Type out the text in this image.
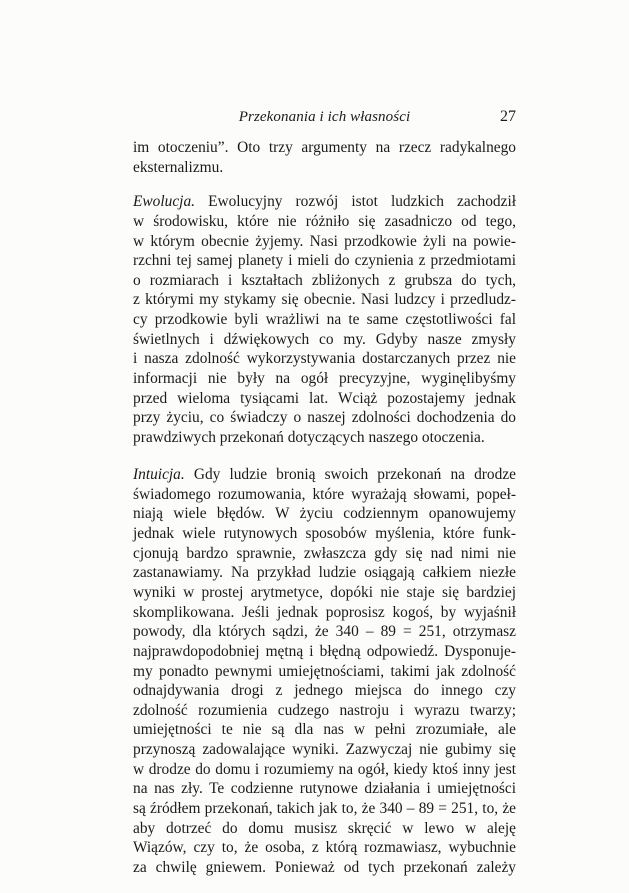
Przekonania i ich własności	27
im otoczeniu”. Oto trzy argumenty na rzecz radykalnego
eksternalizmu.
Ewolucja. Ewolucyjny rozwój istot ludzkich zachodził
w środowisku, które nie różniło się zasadniczo od tego,
w którym obecnie żyjemy. Nasi przodkowie żyli na powie-
rzchni tej samej planety i mieli do czynienia z przedmiotami
o rozmiarach i kształtach zbliżonych z grubsza do tych,
z którymi my stykamy się obecnie. Nasi ludzcy i przedludz-
cy przodkowie byli wrażliwi na te same częstotliwości fal
świetlnych i dźwiękowych co my. Gdyby nasze zmysły
i nasza zdolność wykorzystywania dostarczanych przez nie
informacji nie były na ogół precyzyjne, wyginęlibyśmy
przed wieloma tysiącami lat. Wciąż pozostajemy jednak
przy życiu, co świadczy o naszej zdolności dochodzenia do
prawdziwych przekonań dotyczących naszego otoczenia.
Intuicja. Gdy ludzie bronią swoich przekonań na drodze
świadomego rozumowania, które wyrażają słowami, popeł-
niają wiele błędów. W życiu codziennym opanowujemy
jednak wiele rutynowych sposobów myślenia, które funk-
cjonują bardzo sprawnie, zwłaszcza gdy się nad nimi nie
zastanawiamy. Na przykład ludzie osiągają całkiem niezłe
wyniki w prostej arytmetyce, dopóki nie staje się bardziej
skomplikowana. Jeśli jednak poprosisz kogoś, by wyjaśnił
powody, dla których sądzi, że 340 – 89 = 251, otrzymasz
najprawdopodobniej mętną i błędną odpowiedź. Dysponuje-
my ponadto pewnymi umiejętnościami, takimi jak zdolność
odnajdywania drogi z jednego miejsca do innego czy
zdolność rozumienia cudzego nastroju i wyrazu twarzy;
umiejętności te nie są dla nas w pełni zrozumiałe, ale
przynoszą zadowalające wyniki. Zazwyczaj nie gubimy się
w drodze do domu i rozumiemy na ogół, kiedy ktoś inny jest
na nas zły. Te codzienne rutynowe działania i umiejętności
są źródłem przekonań, takich jak to, że 340 – 89 = 251, to, że
aby dotrzeć do domu musisz skręcić w lewo w aleję
Wiązów, czy to, że osoba, z którą rozmawiasz, wybuchnie
za chwilę gniewem. Ponieważ od tych przekonań zależy
